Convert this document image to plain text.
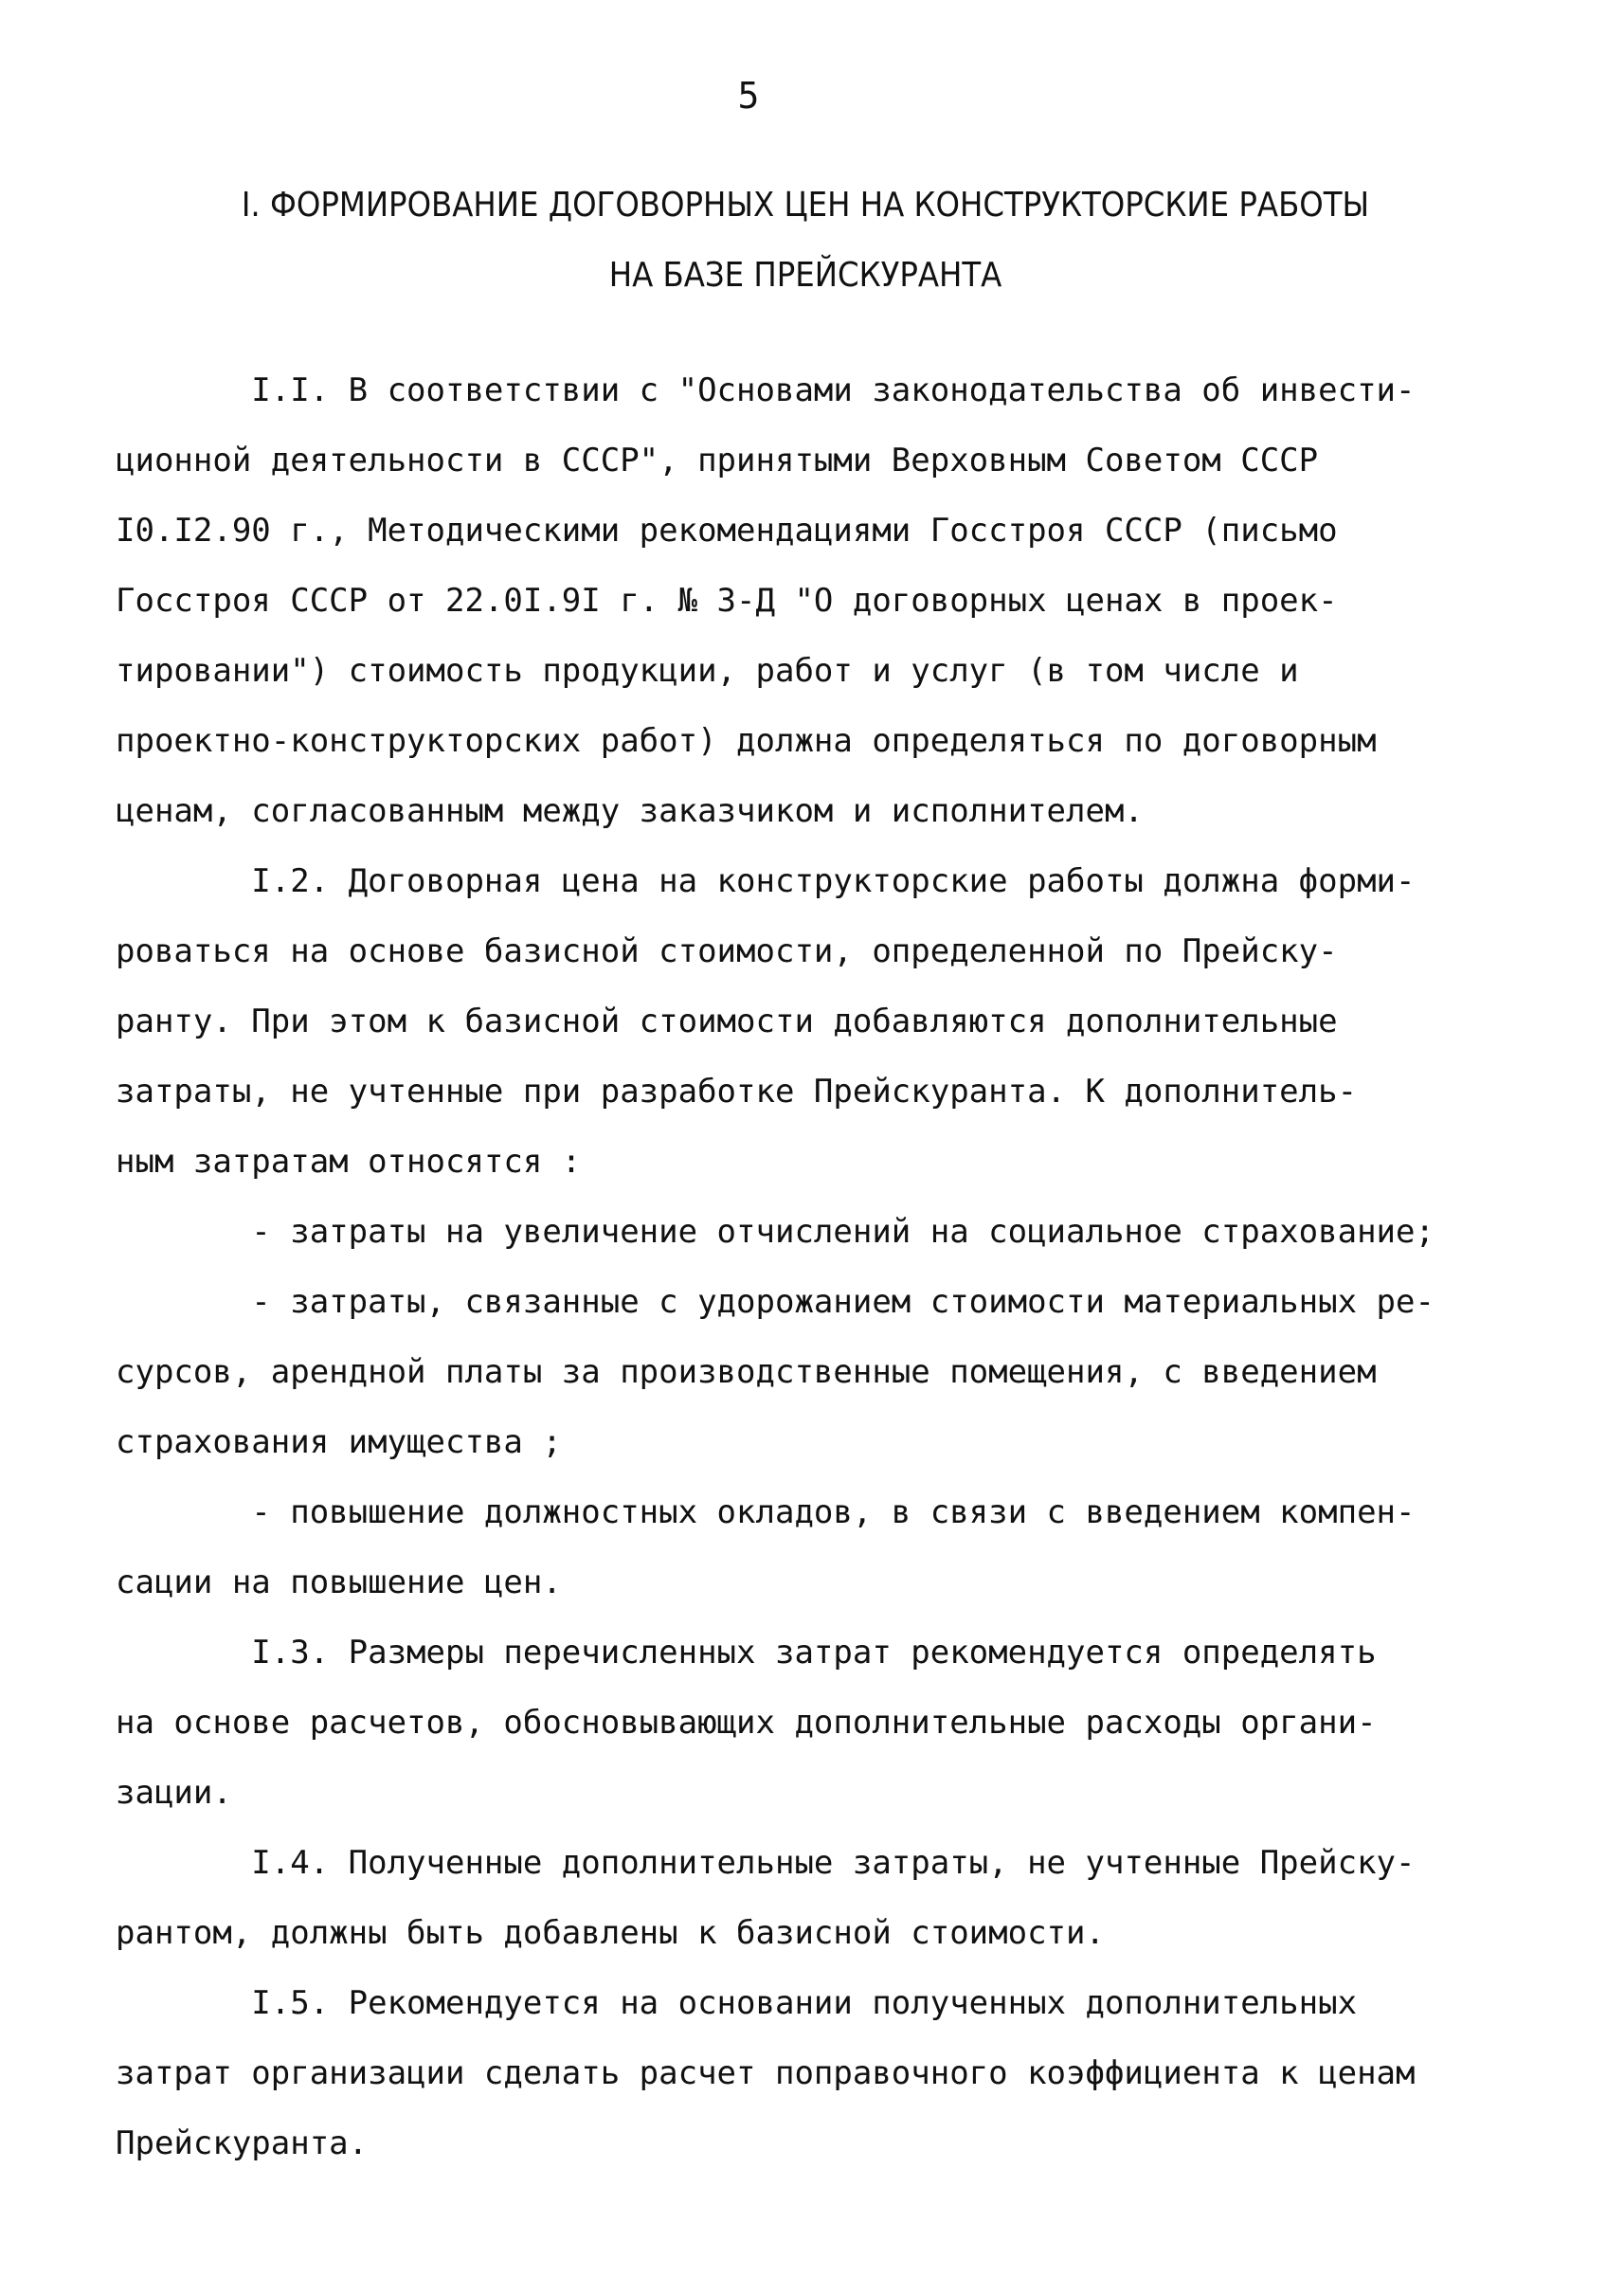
5
I. ФОРМИРОВАНИЕ ДОГОВОРНЫХ ЦЕН НА КОНСТРУКТОРСКИЕ РАБОТЫ
НА БАЗЕ ПРЕЙСКУРАНТА
I.I. В соответствии с "Основами законодательства об инвести-
ционной деятельности в СССР", принятыми Верховным Советом СССР
I0.I2.90 г., Методическими рекомендациями Госстроя СССР (письмо
Госстроя СССР от 22.0I.9I г. № 3-Д "О договорных ценах в проек-
тировании") стоимость продукции, работ и услуг (в том числе и
проектно-конструкторских работ) должна определяться по договорным
ценам, согласованным между заказчиком и исполнителем.
I.2. Договорная цена на конструкторские работы должна форми-
роваться на основе базисной стоимости, определенной по Прейску-
ранту. При этом к базисной стоимости добавляются дополнительные
затраты, не учтенные при разработке Прейскуранта. К дополнитель-
ным затратам относятся :
- затраты на увеличение отчислений на социальное страхование;
- затраты, связанные с удорожанием стоимости материальных ре-
сурсов, арендной платы за производственные помещения, с введением
страхования имущества ;
- повышение должностных окладов, в связи с введением компен-
сации на повышение цен.
I.3. Размеры перечисленных затрат рекомендуется определять
на основе расчетов, обосновывающих дополнительные расходы органи-
зации.
I.4. Полученные дополнительные затраты, не учтенные Прейску-
рантом, должны быть добавлены к базисной стоимости.
I.5. Рекомендуется на основании полученных дополнительных
затрат организации сделать расчет поправочного коэффициента к ценам
Прейскуранта.
